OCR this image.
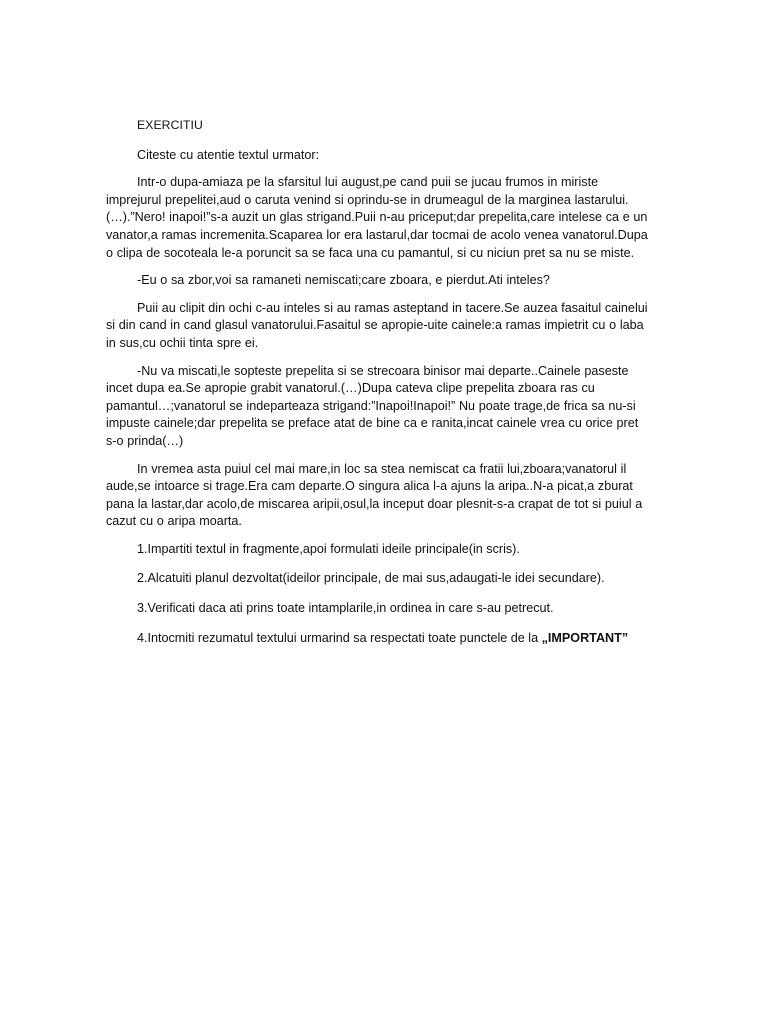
EXERCITIU
Citeste cu atentie textul urmator:
Intr-o dupa-amiaza pe la sfarsitul lui august,pe cand puii se jucau frumos in miriste imprejurul prepelitei,aud o caruta venind si oprindu-se in drumeagul de la marginea lastarului.(…).”Nero! inapoi!”s-a auzit un glas strigand.Puii n-au priceput;dar prepelita,care intelese ca e un vanator,a ramas incremenita.Scaparea lor era lastarul,dar tocmai de acolo venea vanatorul.Dupa o clipa de socoteala le-a poruncit sa se faca una cu pamantul, si cu niciun pret sa nu se miste.
-Eu o sa zbor,voi sa ramaneti nemiscati;care zboara, e pierdut.Ati inteles?
Puii au clipit din ochi c-au inteles si au ramas asteptand in tacere.Se auzea fasaitul cainelui si din cand in cand glasul vanatorului.Fasaitul se apropie-uite cainele:a ramas impietrit cu o laba in sus,cu ochii tinta spre ei.
-Nu va miscati,le sopteste prepelita si se strecoara binisor mai departe..Cainele paseste incet dupa ea.Se apropie grabit vanatorul.(…)Dupa cateva clipe prepelita zboara ras cu pamantul…;vanatorul se indeparteaza strigand:”Inapoi!Inapoi!” Nu poate trage,de frica sa nu-si impuste cainele;dar prepelita se preface atat de bine ca e ranita,incat cainele vrea cu orice pret s-o prinda(…)
In vremea asta puiul cel mai mare,in loc sa stea nemiscat ca fratii lui,zboara;vanatorul il aude,se intoarce si trage.Era cam departe.O singura alica l-a ajuns la aripa..N-a picat,a zburat pana la lastar,dar acolo,de miscarea aripii,osul,la inceput doar plesnit-s-a crapat de tot si puiul a cazut cu o aripa moarta.
1.Impartiti textul in fragmente,apoi formulati ideile principale(in scris).
2.Alcatuiti planul dezvoltat(ideilor principale, de mai sus,adaugati-le idei secundare).
3.Verificati daca ati prins toate intamplarile,in ordinea in care s-au petrecut.
4.Intocmiti rezumatul textului urmarind sa respectati toate punctele de la „IMPORTANT”
